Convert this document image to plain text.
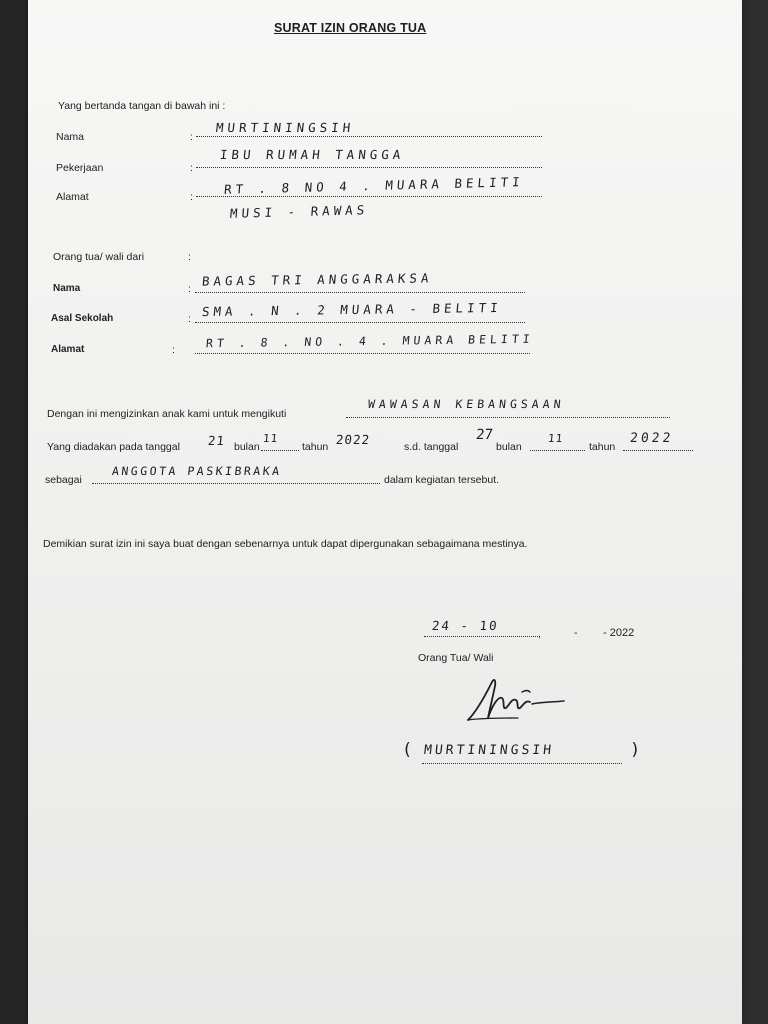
SURAT IZIN ORANG TUA
Yang bertanda tangan di bawah ini :
Nama	:
MURTININGSIH
Pekerjaan	:
IBU RUMAH TANGGA
Alamat	:
RT . 8 NO 4 . MUARA BELITI
MUSI - RAWAS
Orang tua/ wali dari	:
Nama	:
BAGAS TRI ANGGARAKSA
Asal Sekolah	: SMA . N . 2 MUARA - BELITI
Alamat	:	RT . 8 . NO . 4 . MUARA BELITI
Dengan ini mengizinkan anak kami untuk mengikuti
WAWASAN KEBANGSAAN
Yang diadakan pada tanggal 21 bulan
11
tahun 2022	s.d. tanggal
27
bulan
11
tahun
2022
sebagai
ANGGOTA PASKIBRAKA
dalam kegiatan tersebut.
Demikian surat izin ini saya buat dengan sebenarnya untuk dapat dipergunakan sebagaimana mestinya.
24 - 10
,	- - 2022
Orang Tua/ Wali
( MURTININGSIH	)
